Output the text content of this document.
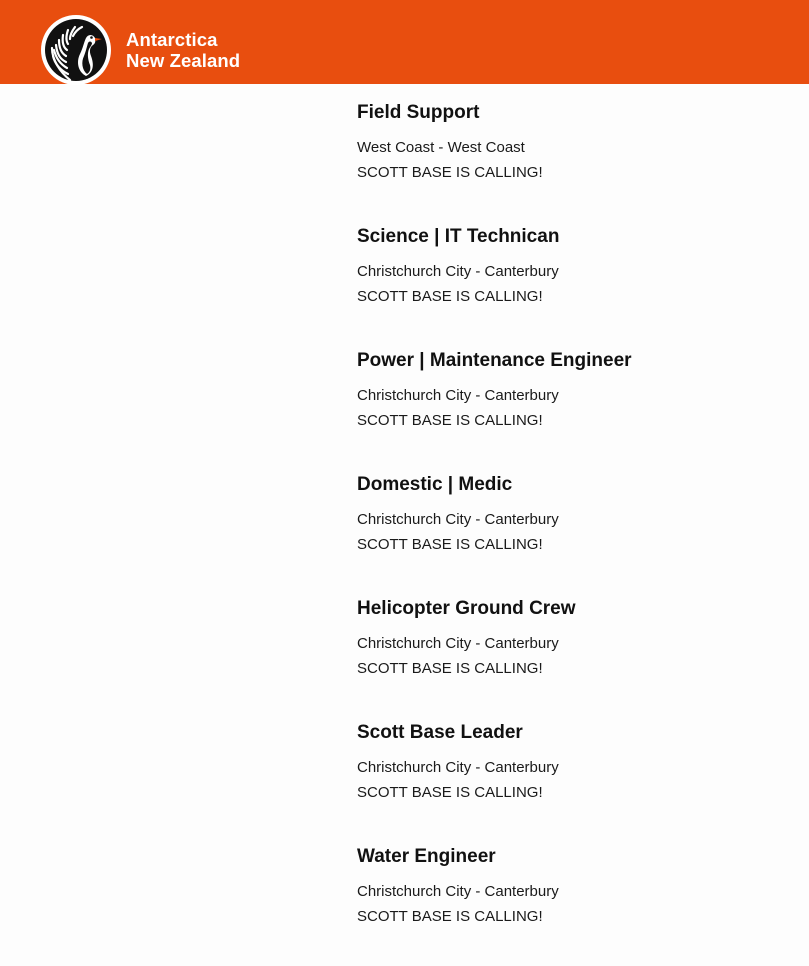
Antarctica
New Zealand
Field Support

West Coast - West Coast

SCOTT BASE IS CALLING!

Science | IT Technican

Christchurch City - Canterbury

SCOTT BASE IS CALLING!

Power | Maintenance Engineer

Christchurch City - Canterbury

SCOTT BASE IS CALLING!

Domestic | Medic

Christchurch City - Canterbury

SCOTT BASE IS CALLING!

Helicopter Ground Crew

Christchurch City - Canterbury

SCOTT BASE IS CALLING!

Scott Base Leader

Christchurch City - Canterbury

SCOTT BASE IS CALLING!

Water Engineer

Christchurch City - Canterbury

SCOTT BASE IS CALLING!
